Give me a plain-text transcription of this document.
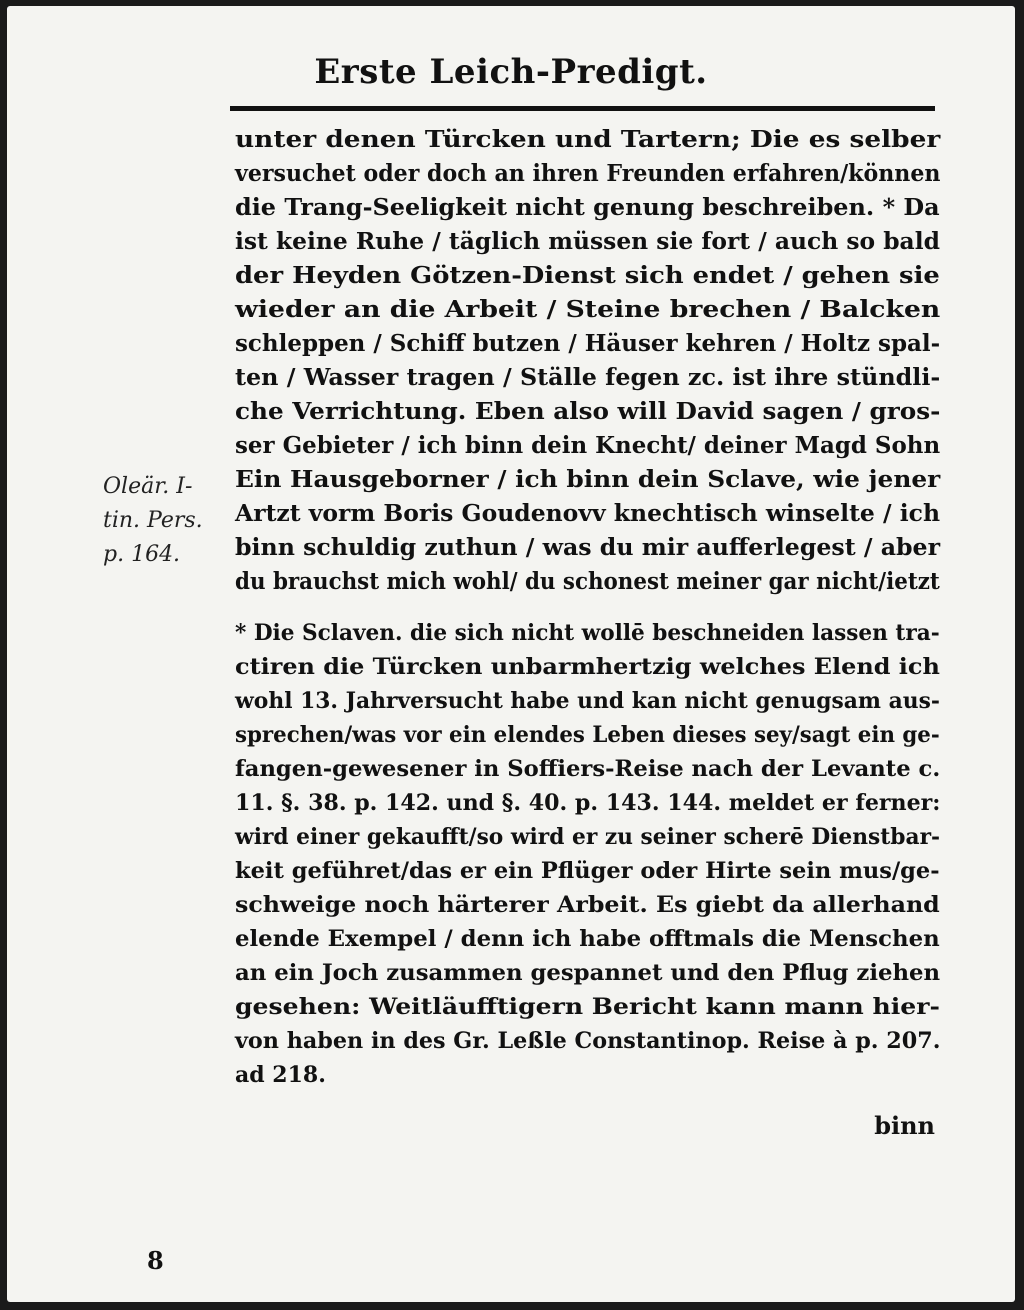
Erste Leich-Predigt.
unter denen Türcken und Tartern; Die es selber
versuchet oder doch an ihren Freunden erfahren/können
die Trang-Seeligkeit nicht genung beschreiben. * Da
ist keine Ruhe / täglich müssen sie fort / auch so bald
der Heyden Götzen-Dienst sich endet / gehen sie
wieder an die Arbeit / Steine brechen / Balcken
schleppen / Schiff butzen / Häuser kehren / Holtz spal-
ten / Wasser tragen / Ställe fegen zc. ist ihre stündli-
che Verrichtung. Eben also will David sagen / gros-
ser Gebieter / ich binn dein Knecht/ deiner Magd Sohn
Ein Hausgeborner / ich binn dein Sclave, wie jener
Artzt vorm Boris Goudenovv knechtisch winselte / ich
binn schuldig zuthun / was du mir aufferlegest / aber
du brauchst mich wohl/ du schonest meiner gar nicht/ietzt
Oleär. I-
tin. Pers.
p. 164.
* Die Sclaven. die sich nicht wollē beschneiden lassen tra-
ctiren die Türcken unbarmhertzig welches Elend ich
wohl 13. Jahrversucht habe und kan nicht genugsam aus-
sprechen/was vor ein elendes Leben dieses sey/sagt ein ge-
fangen-gewesener in Soffiers-Reise nach der Levante c.
11. §. 38. p. 142. und §. 40. p. 143. 144. meldet er ferner:
wird einer gekaufft/so wird er zu seiner scherē Dienstbar-
keit geführet/das er ein Pflüger oder Hirte sein mus/ge-
schweige noch härterer Arbeit. Es giebt da allerhand
elende Exempel / denn ich habe offtmals die Menschen
an ein Joch zusammen gespannet und den Pflug ziehen
gesehen: Weitläufftigern Bericht kann mann hier-
von haben in des Gr. Leßle Constantinop. Reise à p. 207.
ad 218.
binn
8
